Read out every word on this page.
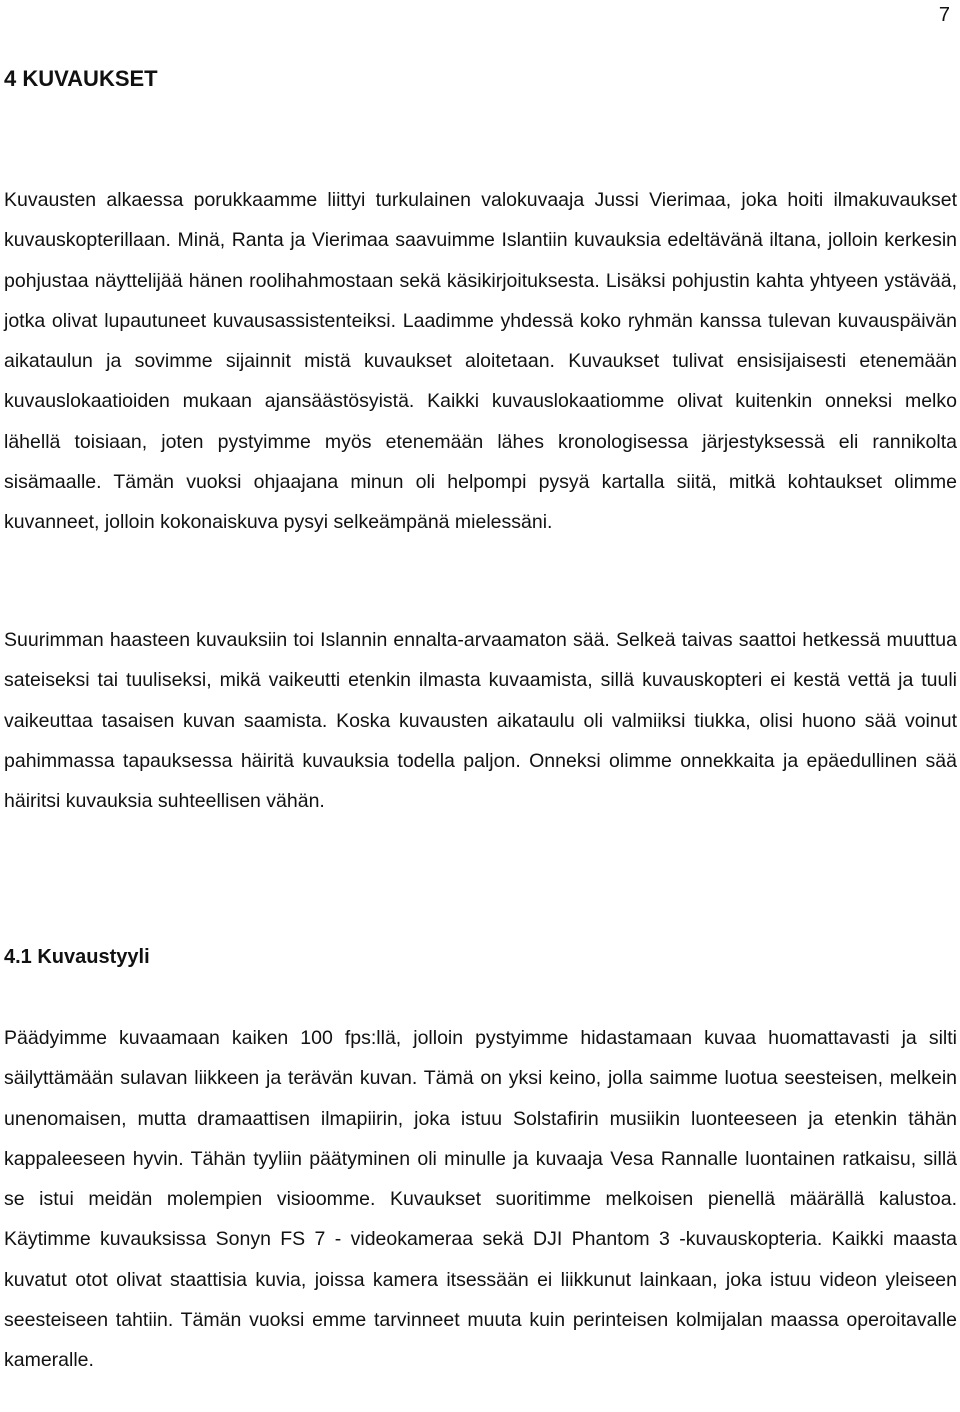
7
4 KUVAUKSET

Kuvausten alkaessa porukkaamme liittyi turkulainen valokuvaaja Jussi Vierimaa, joka hoiti ilmakuvaukset kuvauskopterillaan. Minä, Ranta ja Vierimaa saavuimme Islantiin kuvauksia edeltävänä iltana, jolloin kerkesin pohjustaa näyttelijää hänen roolihahmostaan sekä käsikirjoituksesta. Lisäksi pohjustin kahta yhtyeen ystävää, jotka olivat lupautuneet kuvausassistenteiksi. Laadimme yhdessä koko ryhmän kanssa tulevan kuvauspäivän aikataulun ja sovimme sijainnit mistä kuvaukset aloitetaan. Kuvaukset tulivat ensisijaisesti etenemään kuvauslokaatioiden mukaan ajansäästösyistä. Kaikki kuvauslokaatiomme olivat kuitenkin onneksi melko lähellä toisiaan, joten pystyimme myös etenemään lähes kronologisessa järjestyksessä eli rannikolta sisämaalle. Tämän vuoksi ohjaajana minun oli helpompi pysyä kartalla siitä, mitkä kohtaukset olimme kuvanneet, jolloin kokonaiskuva pysyi selkeämpänä mielessäni.

Suurimman haasteen kuvauksiin toi Islannin ennalta-arvaamaton sää. Selkeä taivas saattoi hetkessä muuttua sateiseksi tai tuuliseksi, mikä vaikeutti etenkin ilmasta kuvaamista, sillä kuvauskopteri ei kestä vettä ja tuuli vaikeuttaa tasaisen kuvan saamista. Koska kuvausten aikataulu oli valmiiksi tiukka, olisi huono sää voinut pahimmassa tapauksessa häiritä kuvauksia todella paljon. Onneksi olimme onnekkaita ja epäedullinen sää häiritsi kuvauksia suhteellisen vähän.

4.1 Kuvaustyyli

Päädyimme kuvaamaan kaiken 100 fps:llä, jolloin pystyimme hidastamaan kuvaa huomattavasti ja silti säilyttämään sulavan liikkeen ja terävän kuvan. Tämä on yksi keino, jolla saimme luotua seesteisen, melkein unenomaisen, mutta dramaattisen ilmapiirin, joka istuu Solstafirin musiikin luonteeseen ja etenkin tähän kappaleeseen hyvin. Tähän tyyliin päätyminen oli minulle ja kuvaaja Vesa Rannalle luontainen ratkaisu, sillä se istui meidän molempien visioomme. Kuvaukset suoritimme melkoisen pienellä määrällä kalustoa. Käytimme kuvauksissa Sonyn FS 7 - videokameraa sekä DJI Phantom 3 -kuvauskopteria. Kaikki maasta kuvatut otot olivat staattisia kuvia, joissa kamera itsessään ei liikkunut lainkaan, joka istuu videon yleiseen seesteiseen tahtiin. Tämän vuoksi emme tarvinneet muuta kuin perinteisen kolmijalan maassa operoitavalle kameralle.
